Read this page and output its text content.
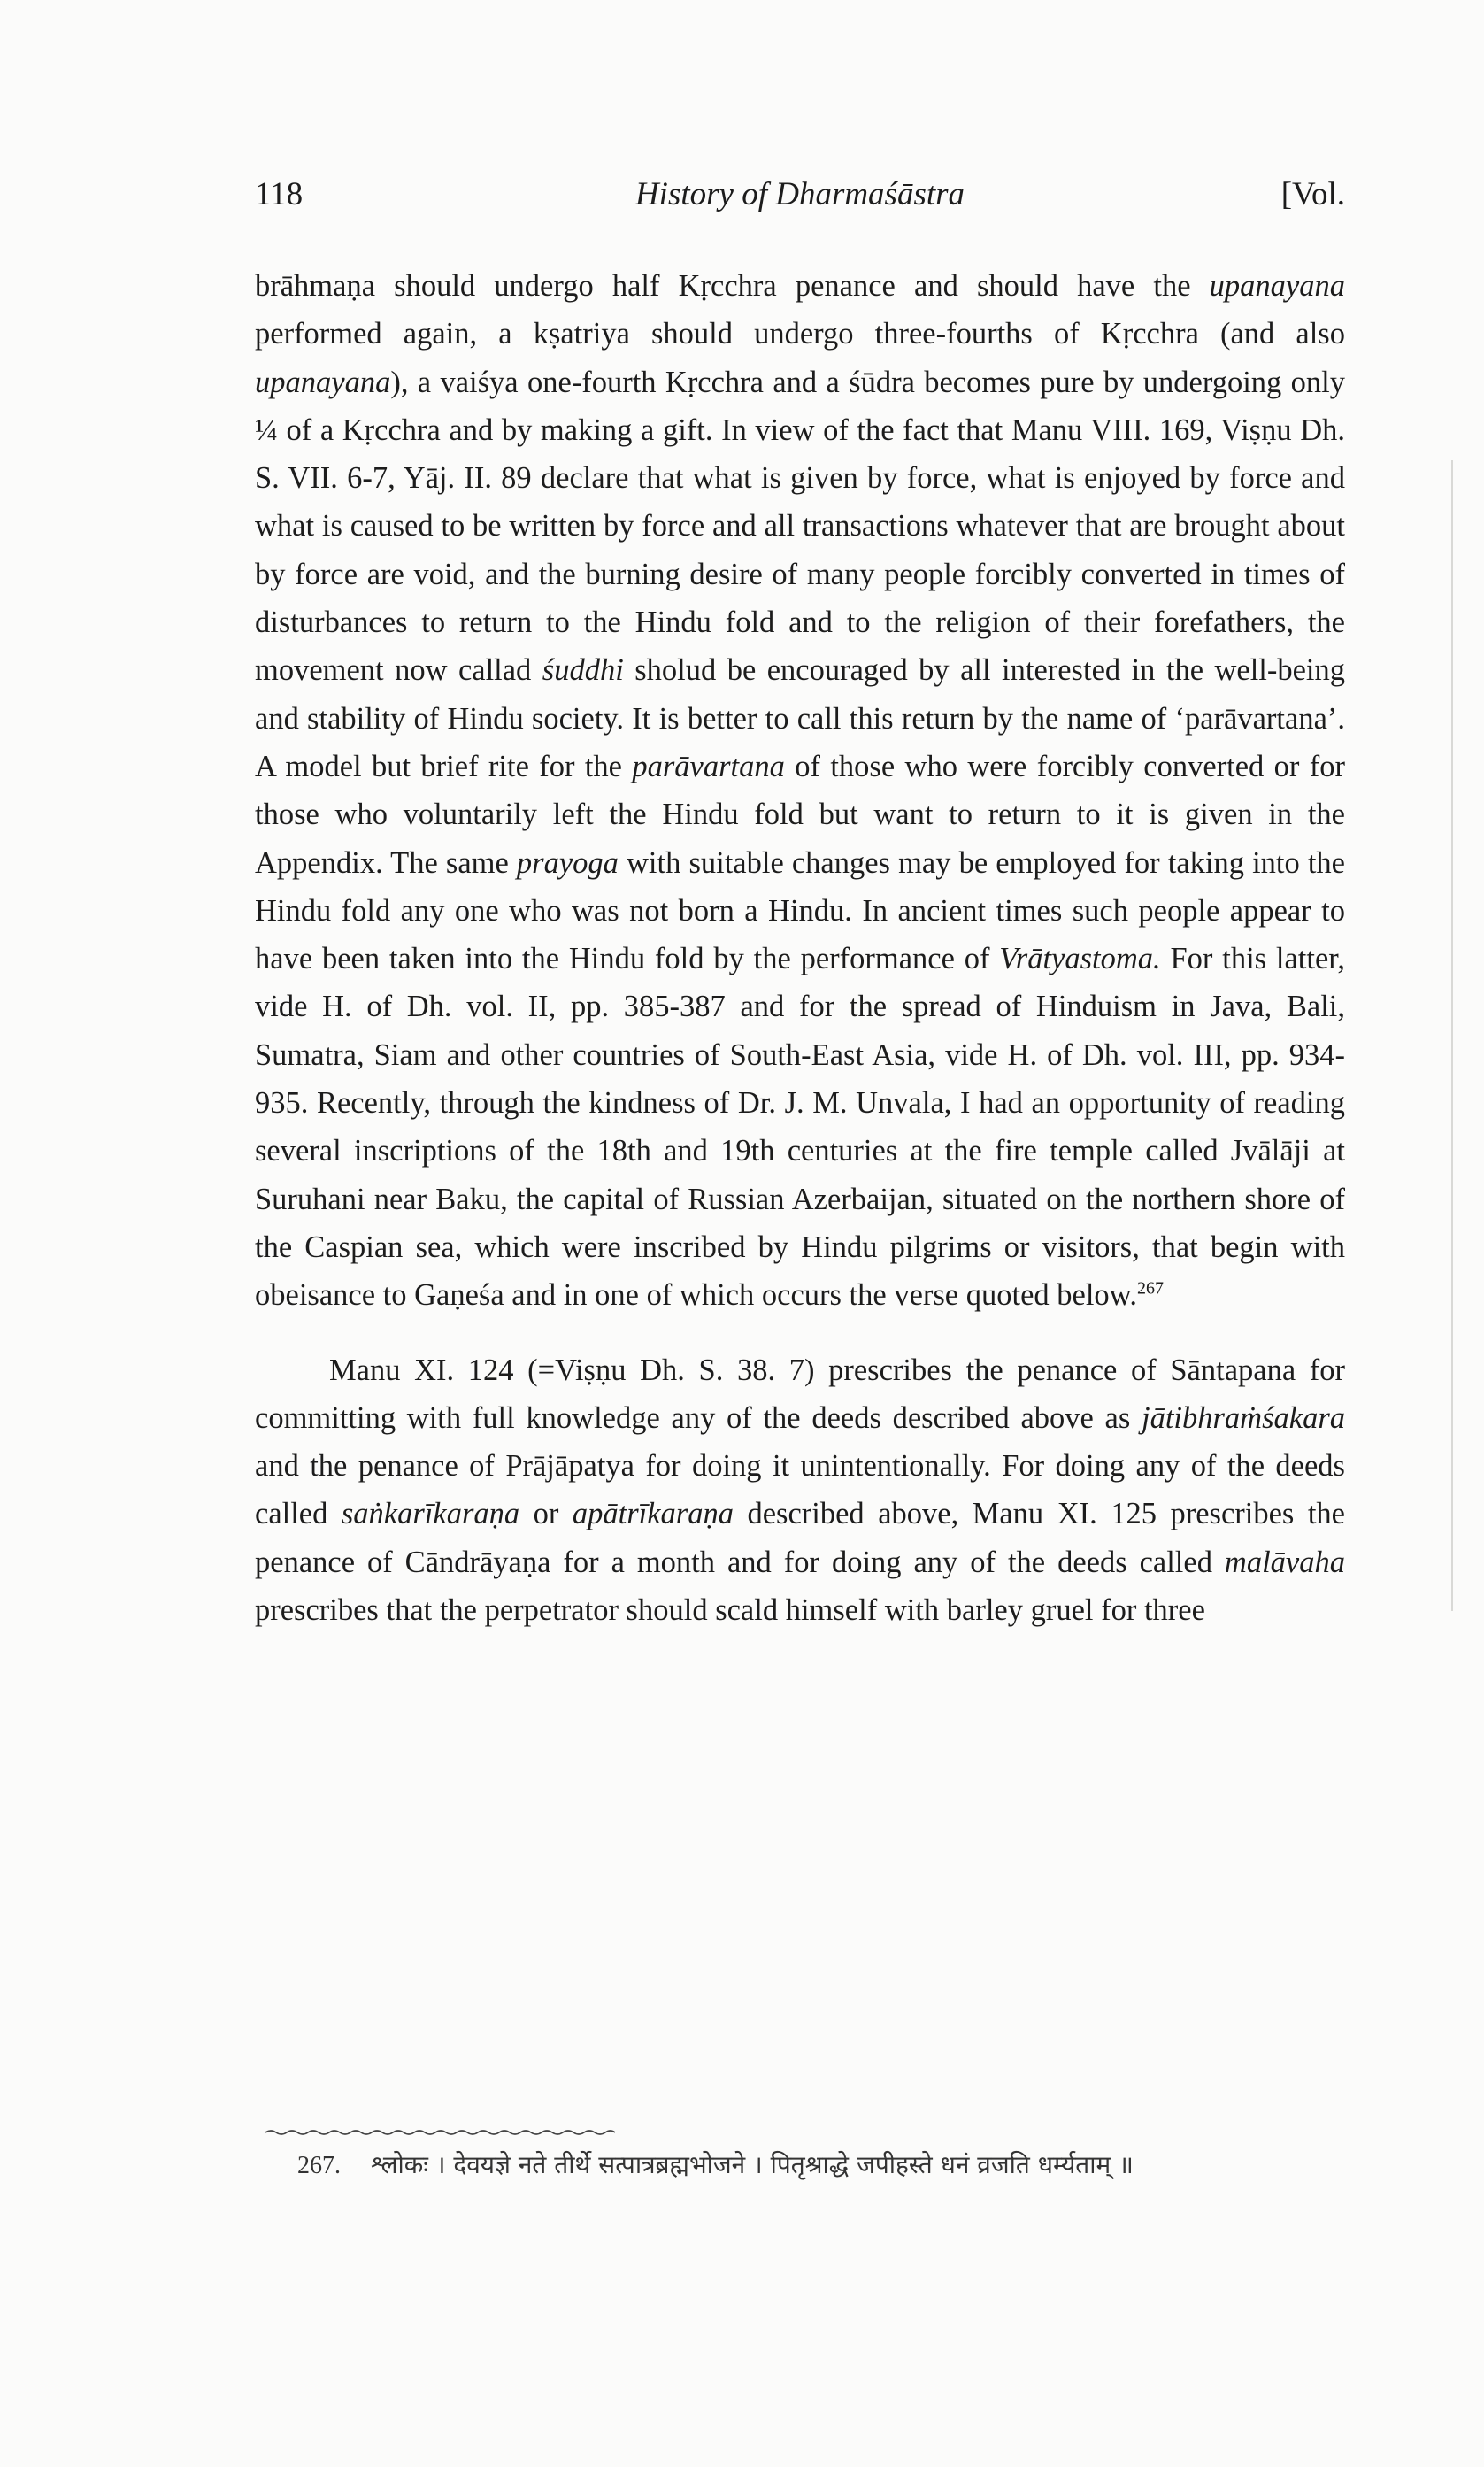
118	History of Dharmaśāstra	[Vol.

brāhmaṇa should undergo half Kṛcchra penance and should have the upanayana performed again, a kṣatriya should undergo three-fourths of Kṛcchra (and also upanayana), a vaiśya one-fourth Kṛcchra and a śūdra becomes pure by undergoing only ¼ of a Kṛcchra and by making a gift. In view of the fact that Manu VIII. 169, Viṣṇu Dh. S. VII. 6-7, Yāj. II. 89 declare that what is given by force, what is enjoyed by force and what is caused to be written by force and all transactions whatever that are brought about by force are void, and the burning desire of many people forcibly converted in times of disturbances to return to the Hindu fold and to the religion of their forefathers, the movement now callad śuddhi sholud be encouraged by all interested in the well-being and stability of Hindu society. It is better to call this return by the name of ‘parāvartana’. A model but brief rite for the parāvartana of those who were forcibly converted or for those who voluntarily left the Hindu fold but want to return to it is given in the Appendix. The same prayoga with suitable changes may be employed for taking into the Hindu fold any one who was not born a Hindu. In ancient times such people appear to have been taken into the Hindu fold by the performance of Vrātyastoma. For this latter, vide H. of Dh. vol. II, pp. 385-387 and for the spread of Hinduism in Java, Bali, Sumatra, Siam and other countries of South-East Asia, vide H. of Dh. vol. III, pp. 934-935. Recently, through the kindness of Dr. J. M. Unvala, I had an opportunity of reading several inscriptions of the 18th and 19th centuries at the fire temple called Jvālāji at Suruhani near Baku, the capital of Russian Azerbaijan, situated on the northern shore of the Caspian sea, which were inscribed by Hindu pilgrims or visitors, that begin with obeisance to Gaṇeśa and in one of which occurs the verse quoted below.$^{267}$

Manu XI. 124 (=Viṣṇu Dh. S. 38. 7) prescribes the penance of Sāntapana for committing with full knowledge any of the deeds described above as jātibhraṁśakara and the penance of Prājāpatya for doing it unintentionally. For doing any of the deeds called saṅkarīkaraṇa or apātrīkaraṇa described above, Manu XI. 125 prescribes the penance of Cāndrāyaṇa for a month and for doing any of the deeds called malāvaha prescribes that the perpetrator should scald himself with barley gruel for three

267. श्लोकः । देवयज्ञे नते तीर्थे सत्पात्रब्रह्मभोजने । पितृश्राद्धे जपीहस्ते धनं व्रजति धर्म्यताम् ॥
